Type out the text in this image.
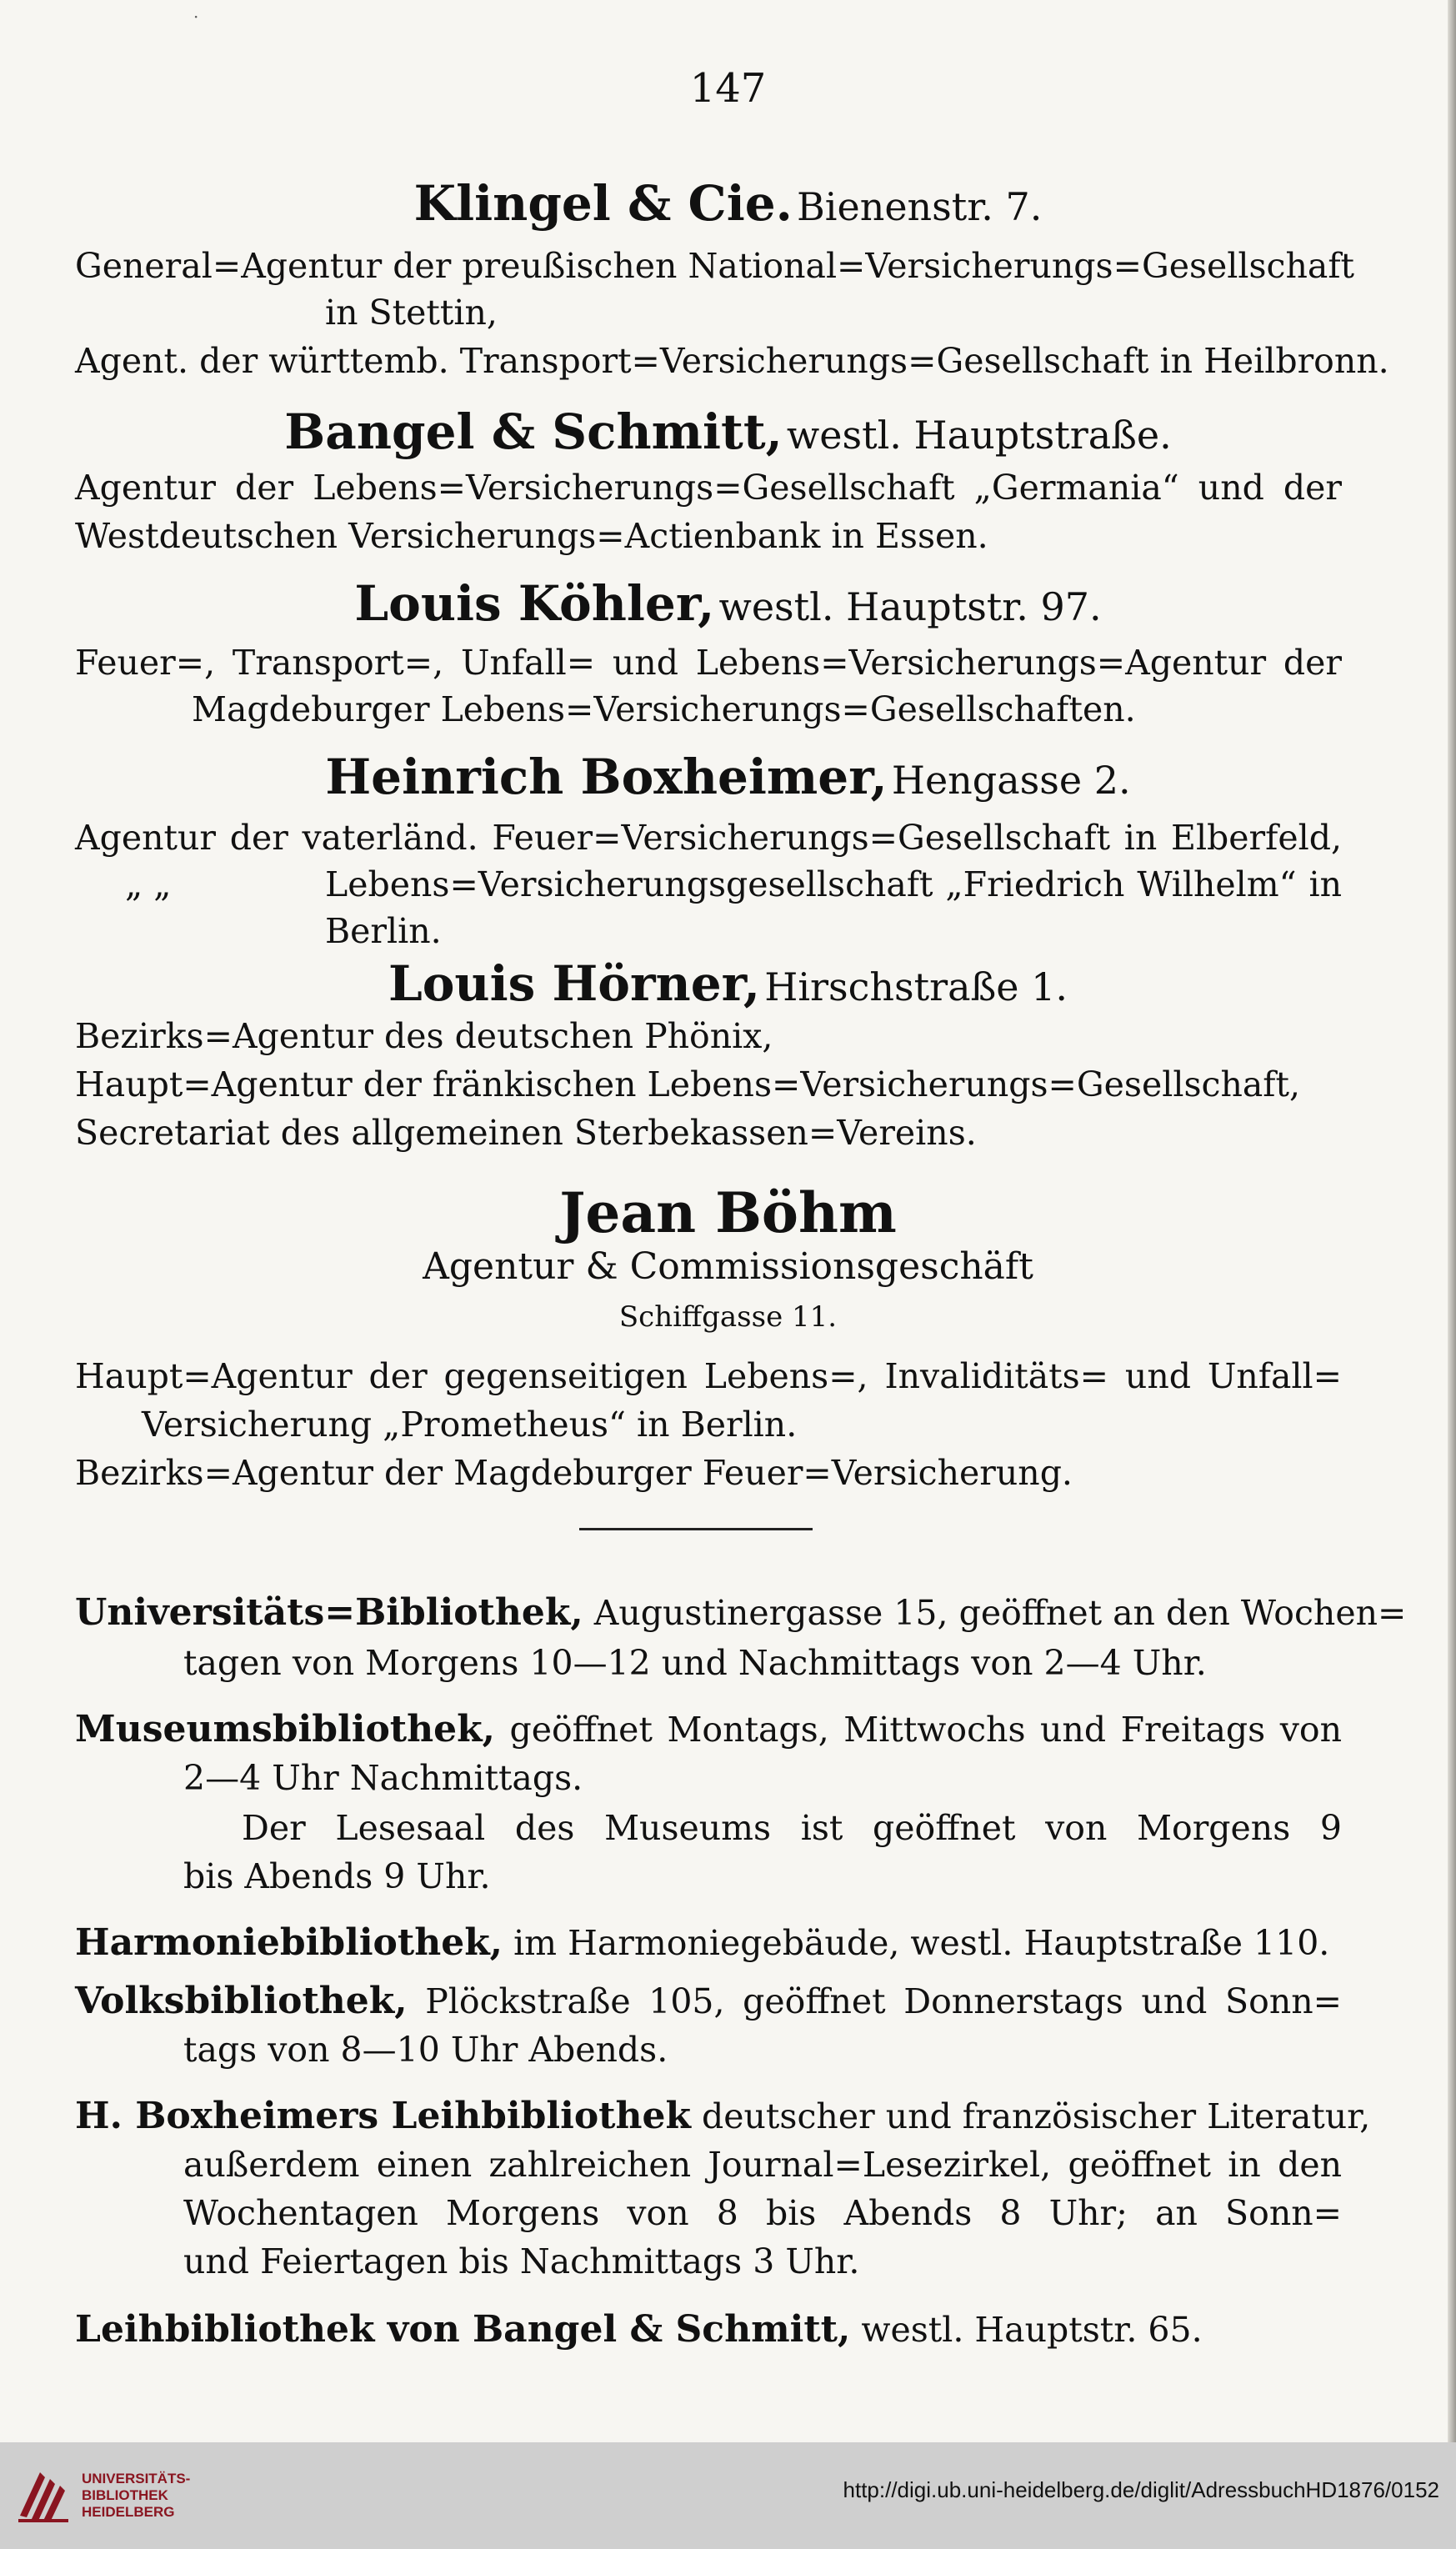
·
147
Klingel & Cie. Bienenstr. 7.
General=Agentur der preußischen National=Versicherungs=Gesellschaft
in Stettin,
Agent. der württemb. Transport=Versicherungs=Gesellschaft in Heilbronn.
Bangel & Schmitt, westl. Hauptstraße.
Agentur der Lebens=Versicherungs=Gesellschaft „Germania“ und der
Westdeutschen Versicherungs=Actienbank in Essen.
Louis Köhler, westl. Hauptstr. 97.
Feuer=, Transport=, Unfall= und Lebens=Versicherungs=Agentur der
Magdeburger Lebens=Versicherungs=Gesellschaften.
Heinrich Boxheimer, Hengasse 2.
Agentur der vaterländ. Feuer=Versicherungs=Gesellschaft in Elberfeld,
„ „	Lebens=Versicherungsgesellschaft „Friedrich Wilhelm“ in
Berlin.
Louis Hörner, Hirschstraße 1.
Bezirks=Agentur des deutschen Phönix,
Haupt=Agentur der fränkischen Lebens=Versicherungs=Gesellschaft,
Secretariat des allgemeinen Sterbekassen=Vereins.
Jean Böhm
Agentur & Commissionsgeschäft
Schiffgasse 11.
Haupt=Agentur der gegenseitigen Lebens=, Invaliditäts= und Unfall=
Versicherung „Prometheus“ in Berlin.
Bezirks=Agentur der Magdeburger Feuer=Versicherung.
Universitäts=Bibliothek, Augustinergasse 15, geöffnet an den Wochen=
tagen von Morgens 10—12 und Nachmittags von 2—4 Uhr.
Museumsbibliothek, geöffnet Montags, Mittwochs und Freitags von
2—4 Uhr Nachmittags.
Der Lesesaal des Museums ist geöffnet von Morgens 9
bis Abends 9 Uhr.
Harmoniebibliothek, im Harmoniegebäude, westl. Hauptstraße 110.
Volksbibliothek, Plöckstraße 105, geöffnet Donnerstags und Sonn=
tags von 8—10 Uhr Abends.
H. Boxheimers Leihbibliothek deutscher und französischer Literatur,
außerdem einen zahlreichen Journal=Lesezirkel, geöffnet in den
Wochentagen Morgens von 8 bis Abends 8 Uhr; an Sonn=
und Feiertagen bis Nachmittags 3 Uhr.
Leihbibliothek von Bangel & Schmitt, westl. Hauptstr. 65.
UNIVERSITÄTS-
BIBLIOTHEK
HEIDELBERG
http://digi.ub.uni-heidelberg.de/diglit/AdressbuchHD1876/0152
